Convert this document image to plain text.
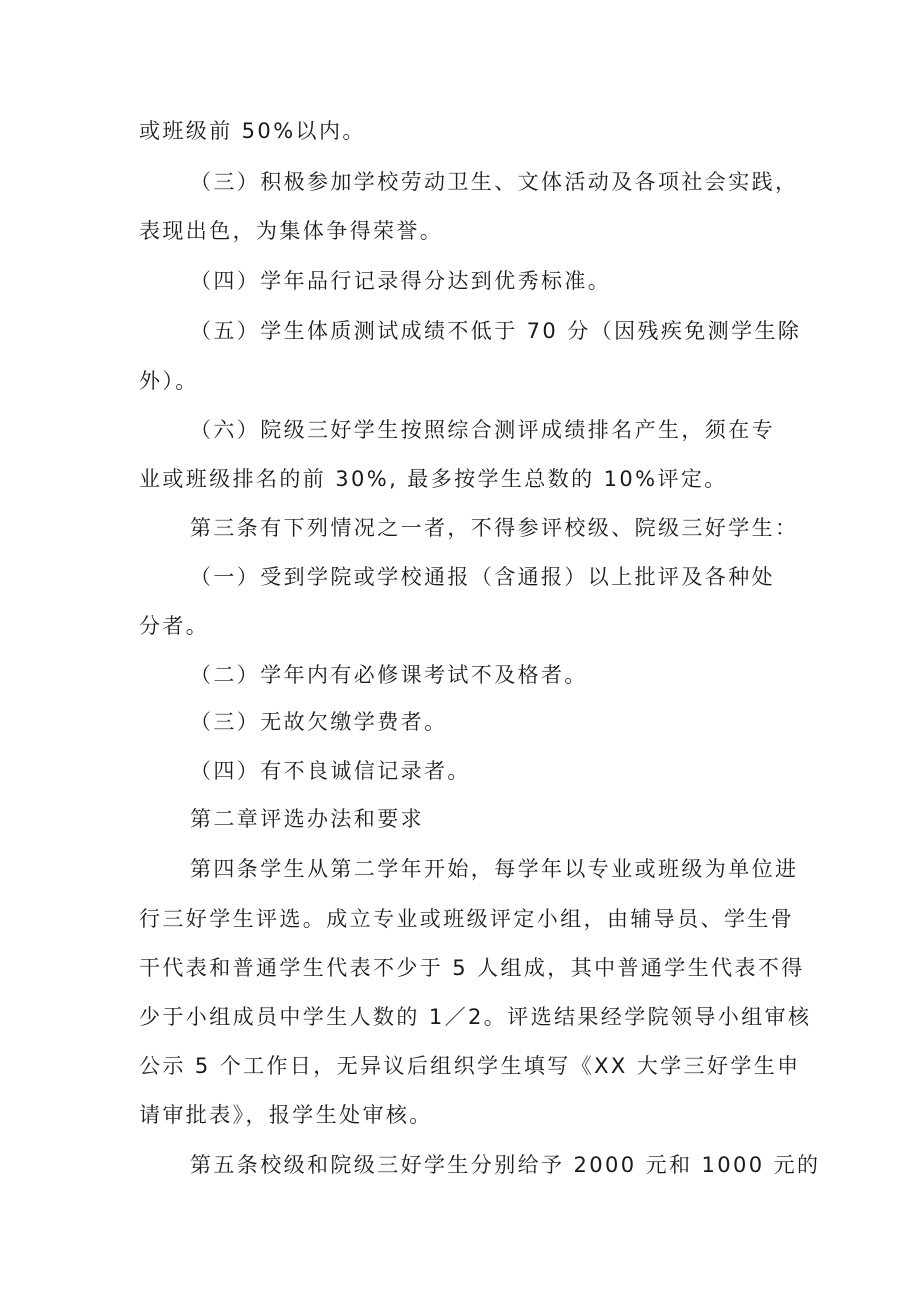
或班级前 50%以内。

（三）积极参加学校劳动卫生、文体活动及各项社会实践，

表现出色，为集体争得荣誉。

（四）学年品行记录得分达到优秀标准。

（五）学生体质测试成绩不低于 70 分（因残疾免测学生除

外）。

（六）院级三好学生按照综合测评成绩排名产生，须在专

业或班级排名的前 30%, 最多按学生总数的 10%评定。

第三条有下列情况之一者，不得参评校级、院级三好学生：

（一）受到学院或学校通报（含通报）以上批评及各种处

分者。

（二）学年内有必修课考试不及格者。

（三）无故欠缴学费者。

（四）有不良诚信记录者。

第二章评选办法和要求

第四条学生从第二学年开始，每学年以专业或班级为单位进

行三好学生评选。成立专业或班级评定小组，由辅导员、学生骨

干代表和普通学生代表不少于 5 人组成，其中普通学生代表不得

少于小组成员中学生人数的 1／2。评选结果经学院领导小组审核

公示 5 个工作日，无异议后组织学生填写《XX 大学三好学生申

请审批表》，报学生处审核。

第五条校级和院级三好学生分别给予 2000 元和 1000 元的
